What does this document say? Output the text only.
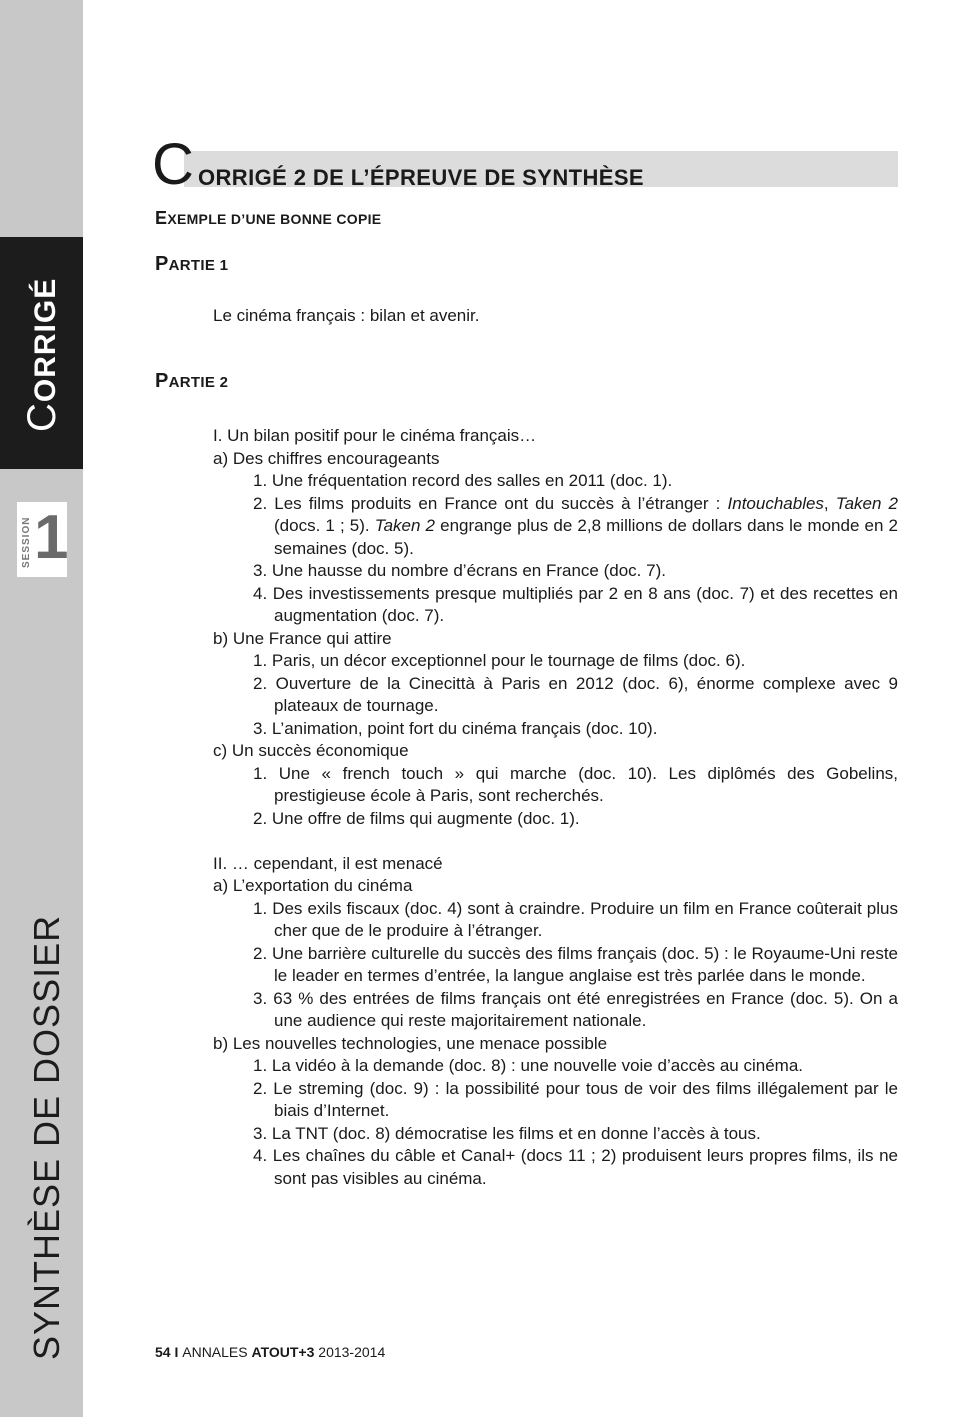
CORRIGÉ
SESSION 1
SYNTHÈSE DE DOSSIER
C ORRIGÉ 2 DE L’ÉPREUVE DE SYNTHÈSE
EXEMPLE D’UNE BONNE COPIE
PARTIE 1
Le cinéma français : bilan et avenir.
PARTIE 2

I. Un bilan positif pour le cinéma français…

a) Des chiffres encourageants

1. Une fréquentation record des salles en 2011 (doc. 1).

2. Les films produits en France ont du succès à l’étranger : Intouchables, Taken 2 (docs. 1 ; 5). Taken 2 engrange plus de 2,8 millions de dollars dans le monde en 2 semaines (doc. 5).

3. Une hausse du nombre d’écrans en France (doc. 7).

4. Des investissements presque multipliés par 2 en 8 ans (doc. 7) et des recettes en augmentation (doc. 7).

b) Une France qui attire

1. Paris, un décor exceptionnel pour le tournage de films (doc. 6).

2. Ouverture de la Cinecittà à Paris en 2012 (doc. 6), énorme complexe avec 9 plateaux de tournage.

3. L’animation, point fort du cinéma français (doc. 10).

c) Un succès économique

1. Une « french touch » qui marche (doc. 10). Les diplômés des Gobelins, prestigieuse école à Paris, sont recherchés.

2. Une offre de films qui augmente (doc. 1).

II. … cependant, il est menacé

a) L’exportation du cinéma

1. Des exils fiscaux (doc. 4) sont à craindre. Produire un film en France coûterait plus cher que de le produire à l’étranger.

2. Une barrière culturelle du succès des films français (doc. 5) : le Royaume-Uni reste le leader en termes d’entrée, la langue anglaise est très parlée dans le monde.

3. 63 % des entrées de films français ont été enregistrées en France (doc. 5). On a une audience qui reste majoritairement nationale.

b) Les nouvelles technologies, une menace possible

1. La vidéo à la demande (doc. 8) : une nouvelle voie d’accès au cinéma.

2. Le streming (doc. 9) : la possibilité pour tous de voir des films illégalement par le biais d’Internet.

3. La TNT (doc. 8) démocratise les films et en donne l’accès à tous.

4. Les chaînes du câble et Canal+ (docs 11 ; 2) produisent leurs propres films, ils ne sont pas visibles au cinéma.

54 I ANNALES ATOUT+3 2013-2014
